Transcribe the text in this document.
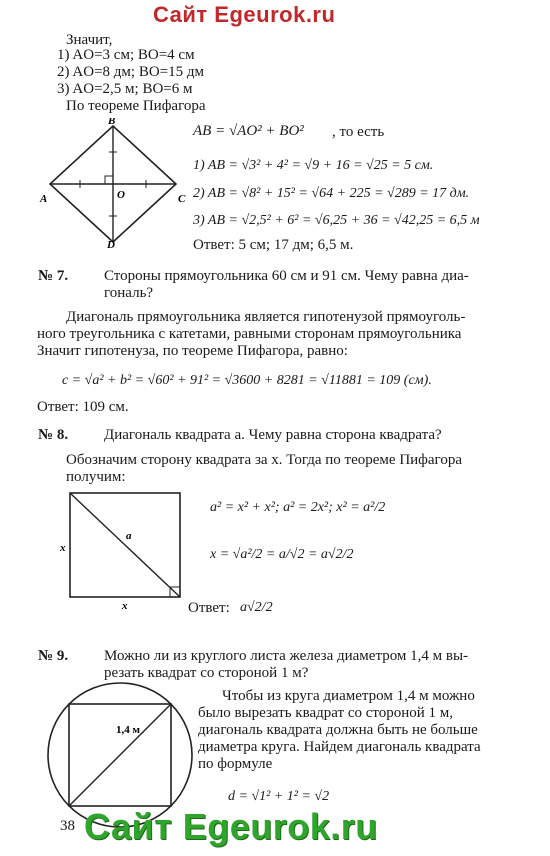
Сайт Egeurok.ru
Значит,
1) AO=3 см; BO=4 см
2) AO=8 дм; BO=15 дм
3) AO=2,5 м; BO=6 м
По теореме Пифагора
B
A	C
D
O
AB = √AO² + BO² , то есть
1) AB = √3² + 4² = √9 + 16 = √25 = 5 см.
2) AB = √8² + 15² = √64 + 225 = √289 = 17 дм.
3) AB = √2,5² + 6² = √6,25 + 36 = √42,25 = 6,5 м
Ответ: 5 см; 17 дм; 6,5 м.
№ 7. Стороны прямоугольника 60 см и 91 см. Чему равна диа-
гональ?
Диагональ прямоугольника является гипотенузой прямоуголь-
ного треугольника с катетами, равными сторонам прямоугольника
Значит гипотенуза, по теореме Пифагора, равно:
c = √a² + b² = √60² + 91² = √3600 + 8281 = √11881 = 109 (см).
Ответ: 109 см.
№ 8. Диагональ квадрата a. Чему равна сторона квадрата?
Обозначим сторону квадрата за x. Тогда по теореме Пифагора
получим:
x
x
a
a² = x² + x²; a² = 2x²; x² = a²/2
x = √a²/2 = a/√2 = a√2/2
Ответ: a√2/2
№ 9. Можно ли из круглого листа железа диаметром 1,4 м вы-
резать квадрат со стороной 1 м?
1,4 м
Чтобы из круга диаметром 1,4 м можно
было вырезать квадрат со стороной 1 м,
диагональ квадрата должна быть не больше
диаметра круга. Найдем диагональ квадрата
по формуле
d = √1² + 1² = √2
38 Сайт Egeurok.ru
